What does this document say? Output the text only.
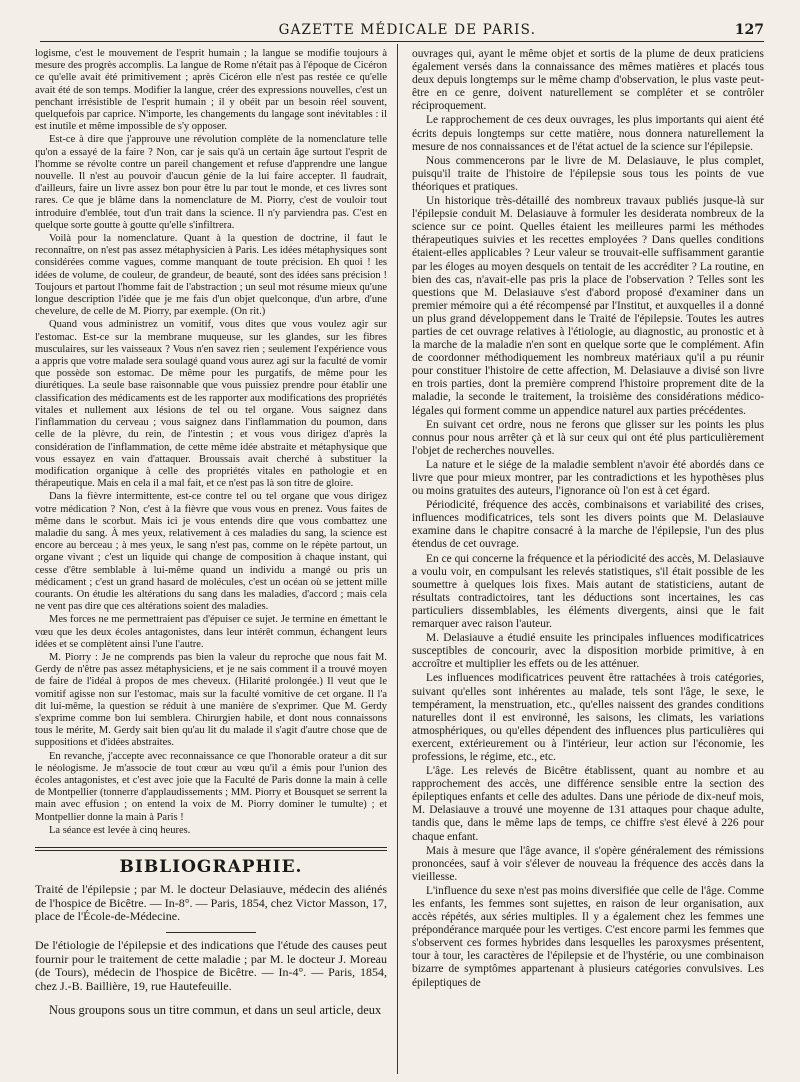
GAZETTE MÉDICALE DE PARIS.	127

logisme, c'est le mouvement de l'esprit humain ; la langue se modifie toujours à mesure des progrès accomplis. La langue de Rome n'était pas à l'époque de Cicéron ce qu'elle avait été primitivement ; après Cicéron elle n'est pas restée ce qu'elle avait été de son temps. Modifier la langue, créer des expressions nouvelles, c'est un penchant irrésistible de l'esprit humain ; il y obéit par un besoin réel souvent, quelquefois par caprice. N'importe, les changements du langage sont inévitables : il est inutile et même impossible de s'y opposer.

Est-ce à dire que j'approuve une révolution complète de la nomenclature telle qu'on a essayé de la faire ? Non, car je sais qu'à un certain âge surtout l'esprit de l'homme se révolte contre un pareil changement et refuse d'apprendre une langue nouvelle. Il n'est au pouvoir d'aucun génie de la lui faire accepter. Il faudrait, d'ailleurs, faire un livre assez bon pour être lu par tout le monde, et ces livres sont rares. Ce que je blâme dans la nomenclature de M. Piorry, c'est de vouloir tout introduire d'emblée, tout d'un trait dans la science. Il n'y parviendra pas. C'est en quelque sorte goutte à goutte qu'elle s'infiltrera.

Voilà pour la nomenclature. Quant à la question de doctrine, il faut le reconnaître, on n'est pas assez métaphysicien à Paris. Les idées métaphysiques sont considérées comme vagues, comme manquant de toute précision. Eh quoi ! les idées de volume, de couleur, de grandeur, de beauté, sont des idées sans précision ! Toujours et partout l'homme fait de l'abstraction ; un seul mot résume mieux qu'une longue description l'idée que je me fais d'un objet quelconque, d'un arbre, d'une chevelure, de celle de M. Piorry, par exemple. (On rit.)

Quand vous administrez un vomitif, vous dites que vous voulez agir sur l'estomac. Est-ce sur la membrane muqueuse, sur les glandes, sur les fibres musculaires, sur les vaisseaux ? Vous n'en savez rien ; seulement l'expérience vous a appris que votre malade sera soulagé quand vous aurez agi sur la faculté de vomir que possède son estomac. De même pour les purgatifs, de même pour les diurétiques. La seule base raisonnable que vous puissiez prendre pour établir une classification des médicaments est de les rapporter aux modifications des propriétés vitales et nullement aux lésions de tel ou tel organe. Vous saignez dans l'inflammation du cerveau ; vous saignez dans l'inflammation du poumon, dans celle de la plèvre, du rein, de l'intestin ; et vous vous dirigez d'après la considération de l'inflammation, de cette même idée abstraite et métaphysique que vous essayez en vain d'attaquer. Broussais avait cherché à substituer la modification organique à celle des propriétés vitales en pathologie et en thérapeutique. Mais en cela il a mal fait, et ce n'est pas là son titre de gloire.

Dans la fièvre intermittente, est-ce contre tel ou tel organe que vous dirigez votre médication ? Non, c'est à la fièvre que vous vous en prenez. Vous faites de même dans le scorbut. Mais ici je vous entends dire que vous combattez une maladie du sang. À mes yeux, relativement à ces maladies du sang, la science est encore au berceau ; à mes yeux, le sang n'est pas, comme on le répète partout, un organe vivant ; c'est un liquide qui change de composition à chaque instant, qui cesse d'être semblable à lui-même quand un individu a mangé ou pris un médicament ; c'est un grand hasard de molécules, c'est un océan où se jettent mille courants. On étudie les altérations du sang dans les maladies, d'accord ; mais cela ne vent pas dire que ces altérations soient des maladies.

Mes forces ne me permettraient pas d'épuiser ce sujet. Je termine en émettant le vœu que les deux écoles antagonistes, dans leur intérêt commun, échangent leurs idées et se complètent ainsi l'une l'autre.

M. Piorry : Je ne comprends pas bien la valeur du reproche que nous fait M. Gerdy de n'être pas assez métaphysiciens, et je ne sais comment il a trouvé moyen de faire de l'idéal à propos de mes cheveux. (Hilarité prolongée.) Il veut que le vomitif agisse non sur l'estomac, mais sur la faculté vomitive de cet organe. Il l'a dit lui-même, la question se réduit à une manière de s'exprimer. Que M. Gerdy s'exprime comme bon lui semblera. Chirurgien habile, et dont nous connaissons tous le mérite, M. Gerdy sait bien qu'au lit du malade il s'agit d'autre chose que de suppositions et d'idées abstraites.

En revanche, j'accepte avec reconnaissance ce que l'honorable orateur a dit sur le néologisme. Je m'associe de tout cœur au vœu qu'il a émis pour l'union des écoles antagonistes, et c'est avec joie que la Faculté de Paris donne la main à celle de Montpellier (tonnerre d'applaudissements ; MM. Piorry et Bousquet se serrent la main avec effusion ; on entend la voix de M. Piorry dominer le tumulte) ; et Montpellier donne la main à Paris !

La séance est levée à cinq heures.

BIBLIOGRAPHIE.

Traité de l'épilepsie ; par M. le docteur Delasiauve, médecin des aliénés de l'hospice de Bicêtre. — In-8°. — Paris, 1854, chez Victor Masson, 17, place de l'École-de-Médecine.

De l'étiologie de l'épilepsie et des indications que l'étude des causes peut fournir pour le traitement de cette maladie ; par M. le docteur J. Moreau (de Tours), médecin de l'hospice de Bicêtre. — In-4°. — Paris, 1854, chez J.-B. Baillière, 19, rue Hautefeuille.

Nous groupons sous un titre commun, et dans un seul article, deux

ouvrages qui, ayant le même objet et sortis de la plume de deux praticiens également versés dans la connaissance des mêmes matières et placés tous deux depuis longtemps sur le même champ d'observation, le plus vaste peut-être en ce genre, doivent naturellement se compléter et se contrôler réciproquement.

Le rapprochement de ces deux ouvrages, les plus importants qui aient été écrits depuis longtemps sur cette matière, nous donnera naturellement la mesure de nos connaissances et de l'état actuel de la science sur l'épilepsie.

Nous commencerons par le livre de M. Delasiauve, le plus complet, puisqu'il traite de l'histoire de l'épilepsie sous tous les points de vue théoriques et pratiques.

Un historique très-détaillé des nombreux travaux publiés jusque-là sur l'épilepsie conduit M. Delasiauve à formuler les desiderata nombreux de la science sur ce point. Quelles étaient les meilleures parmi les méthodes thérapeutiques suivies et les recettes employées ? Dans quelles conditions étaient-elles applicables ? Leur valeur se trouvait-elle suffisamment garantie par les éloges au moyen desquels on tentait de les accréditer ? La routine, en bien des cas, n'avait-elle pas pris la place de l'observation ? Telles sont les questions que M. Delasiauve s'est d'abord proposé d'examiner dans un premier mémoire qui a été récompensé par l'Institut, et auxquelles il a donné un plus grand développement dans le Traité de l'épilepsie. Toutes les autres parties de cet ouvrage relatives à l'étiologie, au diagnostic, au pronostic et à la marche de la maladie n'en sont en quelque sorte que le complément. Afin de coordonner méthodiquement les nombreux matériaux qu'il a pu réunir pour constituer l'histoire de cette affection, M. Delasiauve a divisé son livre en trois parties, dont la première comprend l'histoire proprement dite de la maladie, la seconde le traitement, la troisième des considérations médico-légales qui forment comme un appendice naturel aux parties précédentes.

En suivant cet ordre, nous ne ferons que glisser sur les points les plus connus pour nous arrêter çà et là sur ceux qui ont été plus particulièrement l'objet de recherches nouvelles.

La nature et le siége de la maladie semblent n'avoir été abordés dans ce livre que pour mieux montrer, par les contradictions et les hypothèses plus ou moins gratuites des auteurs, l'ignorance où l'on est à cet égard.

Périodicité, fréquence des accès, combinaisons et variabilité des crises, influences modificatrices, tels sont les divers points que M. Delasiauve examine dans le chapitre consacré à la marche de l'épilepsie, l'un des plus étendus de cet ouvrage.

En ce qui concerne la fréquence et la périodicité des accès, M. Delasiauve a voulu voir, en compulsant les relevés statistiques, s'il était possible de les soumettre à quelques lois fixes. Mais autant de statisticiens, autant de résultats contradictoires, tant les déductions sont incertaines, les cas particuliers dissemblables, les éléments divergents, ainsi que le fait remarquer avec raison l'auteur.

M. Delasiauve a étudié ensuite les principales influences modificatrices susceptibles de concourir, avec la disposition morbide primitive, à en accroître et multiplier les effets ou de les atténuer.

Les influences modificatrices peuvent être rattachées à trois catégories, suivant qu'elles sont inhérentes au malade, tels sont l'âge, le sexe, le tempérament, la menstruation, etc., qu'elles naissent des grandes conditions naturelles dont il est environné, les saisons, les climats, les variations atmosphériques, ou qu'elles dépendent des influences plus particulières qui exercent, extérieurement ou à l'intérieur, leur action sur l'économie, les professions, le régime, etc., etc.

L'âge. Les relevés de Bicêtre établissent, quant au nombre et au rapprochement des accès, une différence sensible entre la section des épileptiques enfants et celle des adultes. Dans une période de dix-neuf mois, M. Delasiauve a trouvé une moyenne de 131 attaques pour chaque adulte, tandis que, dans le même laps de temps, ce chiffre s'est élevé à 226 pour chaque enfant.

Mais à mesure que l'âge avance, il s'opère généralement des rémissions prononcées, sauf à voir s'élever de nouveau la fréquence des accès dans la vieillesse.

L'influence du sexe n'est pas moins diversifiée que celle de l'âge. Comme les enfants, les femmes sont sujettes, en raison de leur organisation, aux accès répétés, aux séries multiples. Il y a également chez les femmes une prépondérance marquée pour les vertiges. C'est encore parmi les femmes que s'observent ces formes hybrides dans lesquelles les paroxysmes présentent, tour à tour, les caractères de l'épilepsie et de l'hystérie, ou une combinaison bizarre de symptômes appartenant à plusieurs catégories convulsives. Les épileptiques de
